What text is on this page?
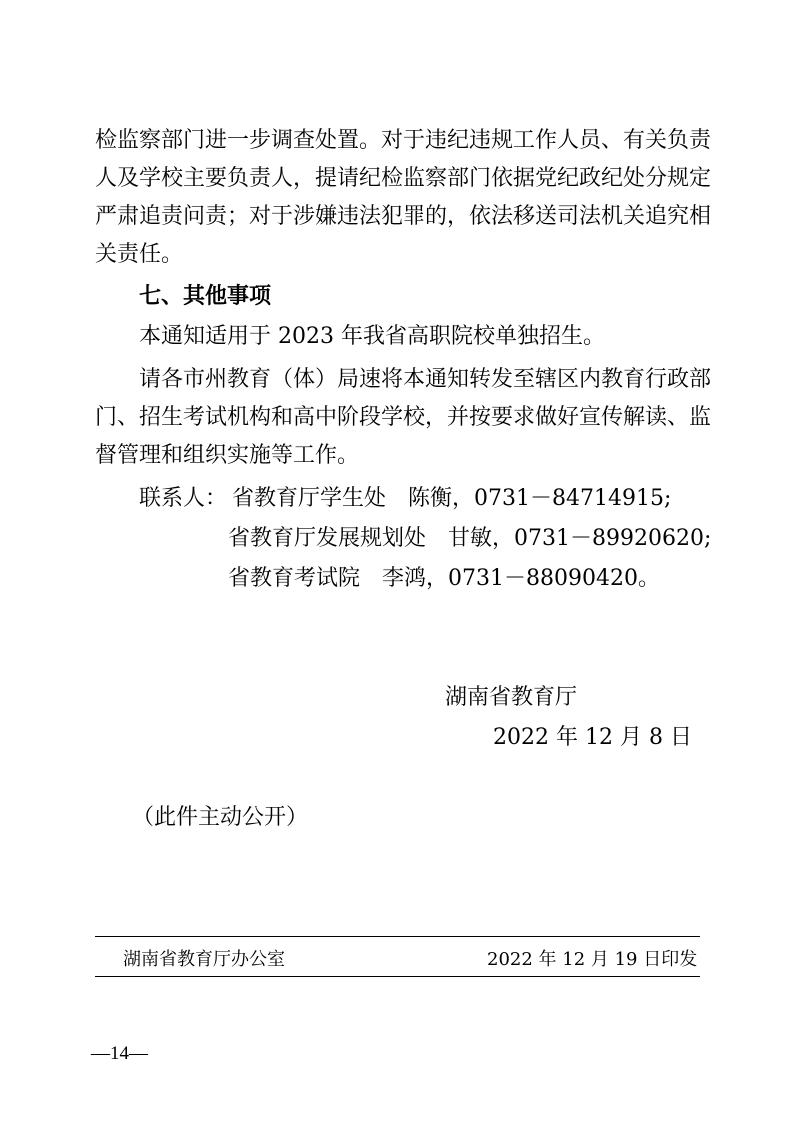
检监察部门进一步调查处置。对于违纪违规工作人员、有关负责
人及学校主要负责人，提请纪检监察部门依据党纪政纪处分规定
严肃追责问责；对于涉嫌违法犯罪的，依法移送司法机关追究相
关责任。
七、其他事项
本通知适用于 2023 年我省高职院校单独招生。
请各市州教育（体）局速将本通知转发至辖区内教育行政部
门、招生考试机构和高中阶段学校，并按要求做好宣传解读、监
督管理和组织实施等工作。
联系人： 省教育厅学生处　陈衡，0731－84714915;
省教育厅发展规划处　甘敏，0731－89920620;
省教育考试院　李鸿，0731－88090420。
湖南省教育厅
2022 年 12 月 8 日
（此件主动公开）
湖南省教育厅办公室	2022 年 12 月 19 日印发
—14—
